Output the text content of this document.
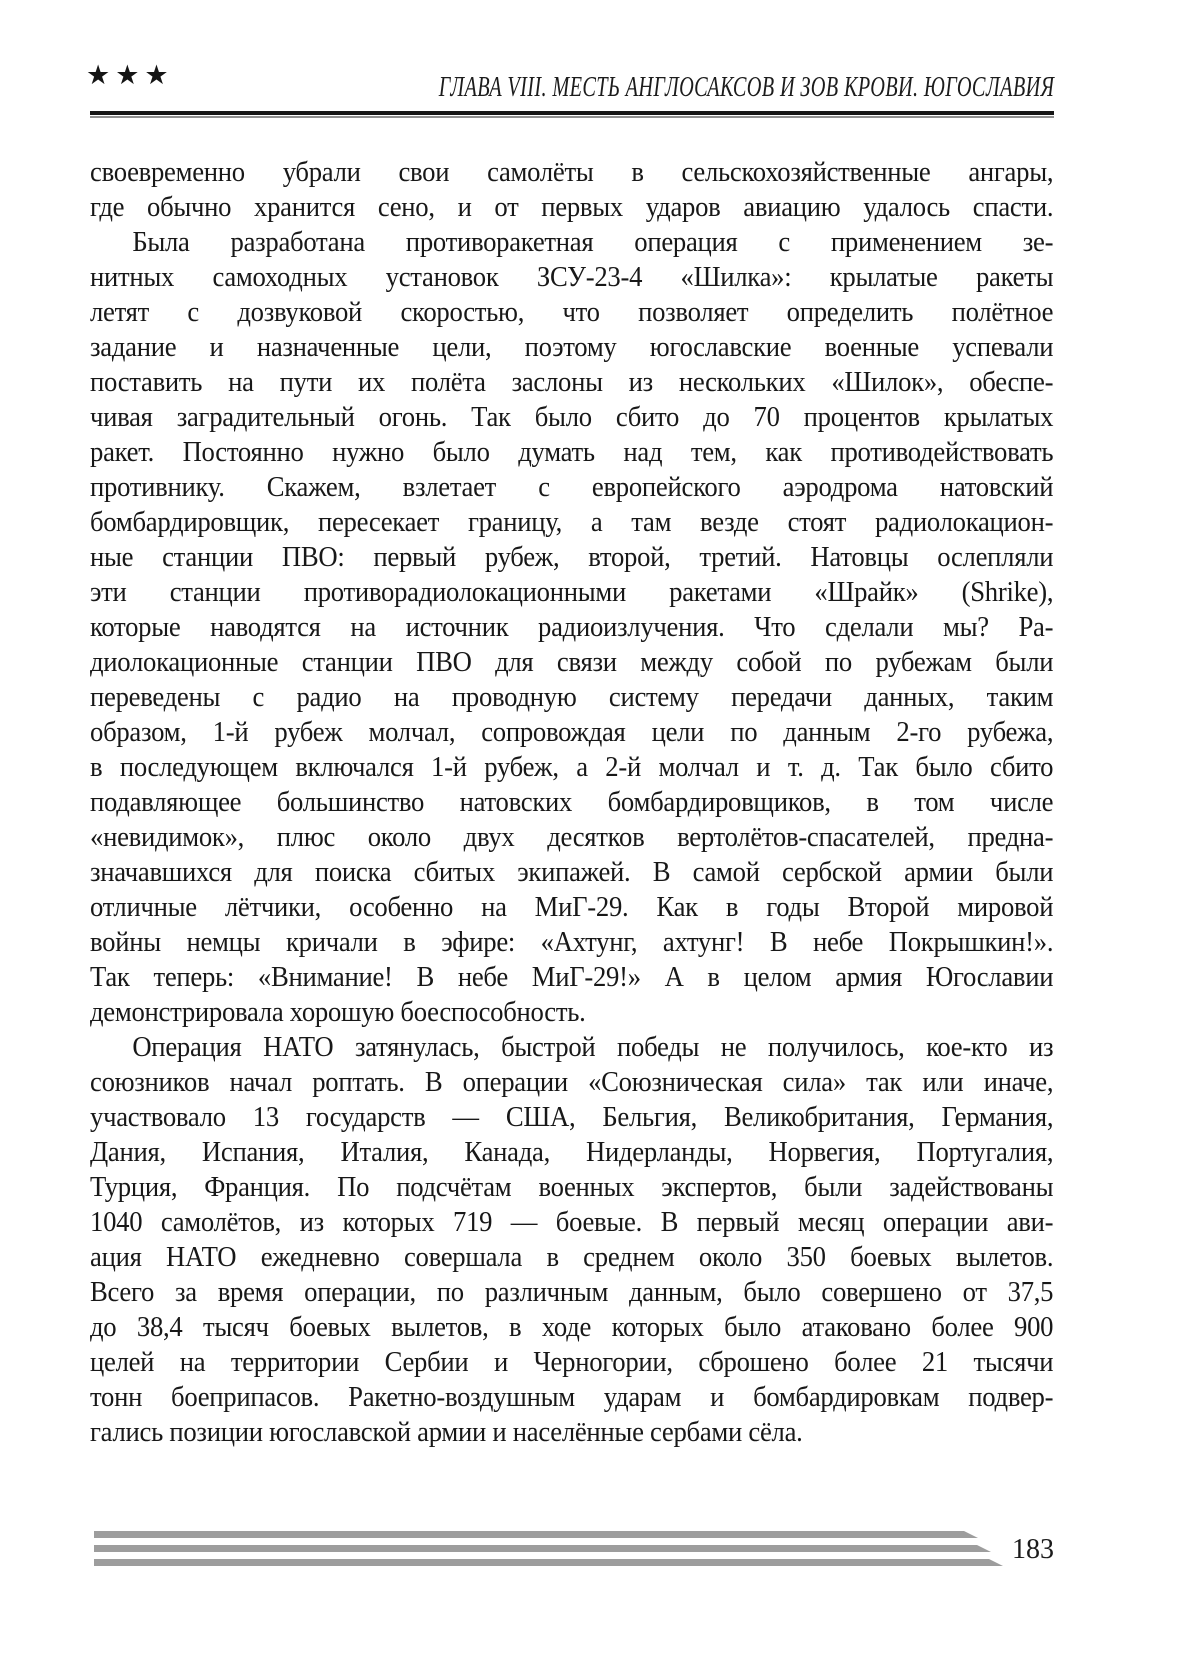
★★★	ГЛАВА VIII. МЕСТЬ АНГЛОСАКСОВ И ЗОВ КРОВИ. ЮГОСЛАВИЯ
своевременно убрали свои самолёты в сельскохозяйственные ангары,
где обычно хранится сено, и от первых ударов авиацию удалось спасти.
Была разработана противоракетная операция с применением зе-
нитных самоходных установок ЗСУ-23-4 «Шилка»: крылатые ракеты
летят с дозвуковой скоростью, что позволяет определить полётное
задание и назначенные цели, поэтому югославские военные успевали
поставить на пути их полёта заслоны из нескольких «Шилок», обеспе-
чивая заградительный огонь. Так было сбито до 70 процентов крылатых
ракет. Постоянно нужно было думать над тем, как противодействовать
противнику. Скажем, взлетает с европейского аэродрома натовский
бомбардировщик, пересекает границу, а там везде стоят радиолокацион-
ные станции ПВО: первый рубеж, второй, третий. Натовцы ослепляли
эти станции противорадиолокационными ракетами «Шрайк» (Shrike),
которые наводятся на источник радиоизлучения. Что сделали мы? Ра-
диолокационные станции ПВО для связи между собой по рубежам были
переведены с радио на проводную систему передачи данных, таким
образом, 1-й рубеж молчал, сопровождая цели по данным 2-го рубежа,
в последующем включался 1-й рубеж, а 2-й молчал и т. д. Так было сбито
подавляющее большинство натовских бомбардировщиков, в том числе
«невидимок», плюс около двух десятков вертолётов-спасателей, предна-
значавшихся для поиска сбитых экипажей. В самой сербской армии были
отличные лётчики, особенно на МиГ-29. Как в годы Второй мировой
войны немцы кричали в эфире: «Ахтунг, ахтунг! В небе Покрышкин!».
Так теперь: «Внимание! В небе МиГ-29!» А в целом армия Югославии
демонстрировала хорошую боеспособность.
Операция НАТО затянулась, быстрой победы не получилось, кое-кто из
союзников начал роптать. В операции «Союзническая сила» так или иначе,
участвовало 13 государств — США, Бельгия, Великобритания, Германия,
Дания, Испания, Италия, Канада, Нидерланды, Норвегия, Португалия,
Турция, Франция. По подсчётам военных экспертов, были задействованы
1040 самолётов, из которых 719 — боевые. В первый месяц операции ави-
ация НАТО ежедневно совершала в среднем около 350 боевых вылетов.
Всего за время операции, по различным данным, было совершено от 37,5
до 38,4 тысяч боевых вылетов, в ходе которых было атаковано более 900
целей на территории Сербии и Черногории, сброшено более 21 тысячи
тонн боеприпасов. Ракетно-воздушным ударам и бомбардировкам подвер-
гались позиции югославской армии и населённые сербами сёла.
183
